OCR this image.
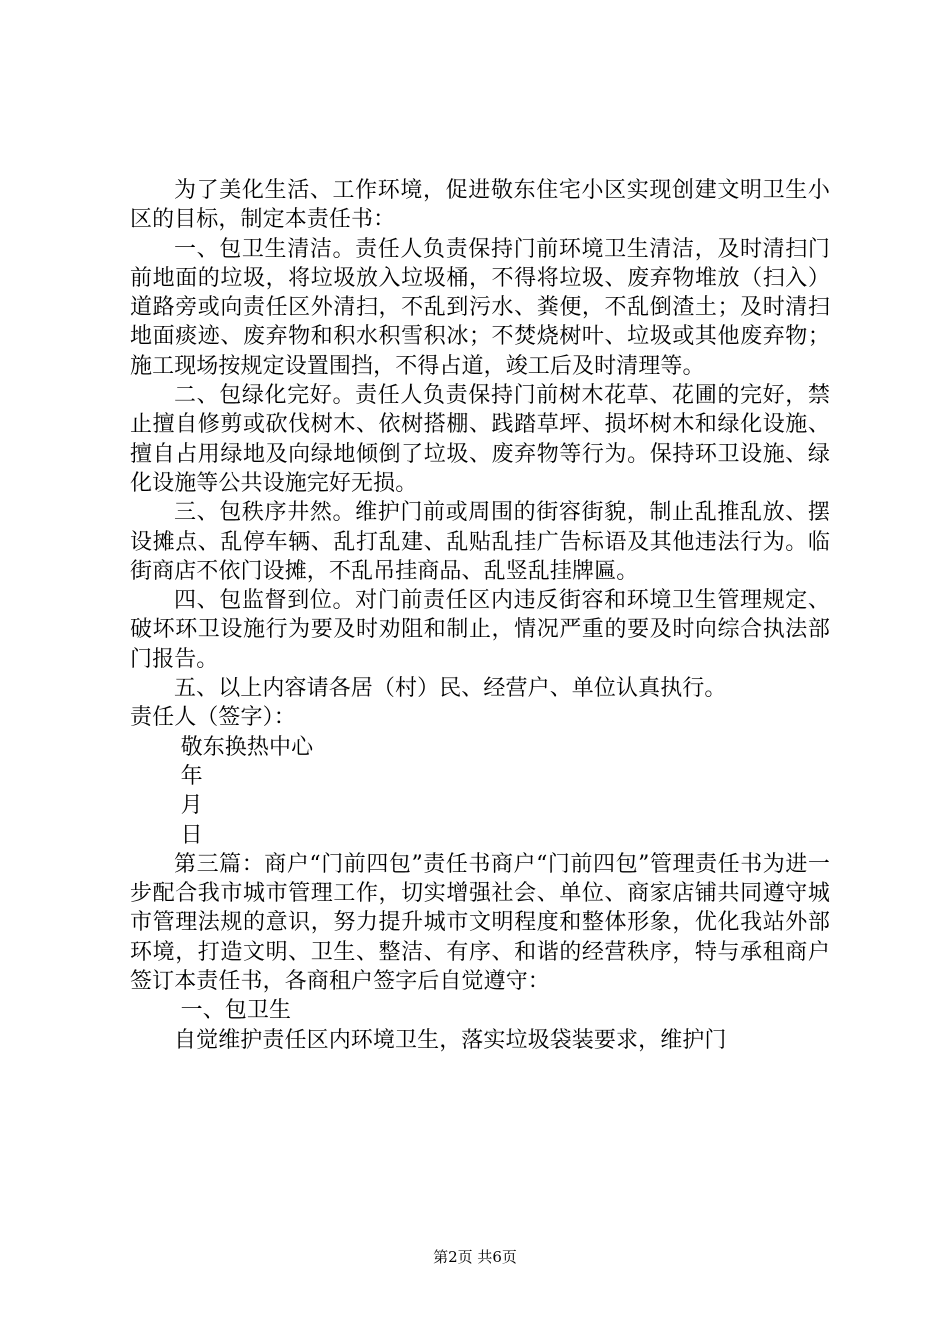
为了美化生活、工作环境，促进敬东住宅小区实现创建文明卫生小区的目标，制定本责任书：

一、包卫生清洁。责任人负责保持门前环境卫生清洁，及时清扫门前地面的垃圾，将垃圾放入垃圾桶，不得将垃圾、废弃物堆放（扫入）道路旁或向责任区外清扫，不乱到污水、粪便，不乱倒渣土；及时清扫地面痰迹、废弃物和积水积雪积冰；不焚烧树叶、垃圾或其他废弃物；施工现场按规定设置围挡，不得占道，竣工后及时清理等。

二、包绿化完好。责任人负责保持门前树木花草、花圃的完好，禁止擅自修剪或砍伐树木、依树搭棚、践踏草坪、损坏树木和绿化设施、擅自占用绿地及向绿地倾倒了垃圾、废弃物等行为。保持环卫设施、绿化设施等公共设施完好无损。

三、包秩序井然。维护门前或周围的街容街貌，制止乱推乱放、摆设摊点、乱停车辆、乱打乱建、乱贴乱挂广告标语及其他违法行为。临街商店不依门设摊，不乱吊挂商品、乱竖乱挂牌匾。

四、包监督到位。对门前责任区内违反街容和环境卫生管理规定、破坏环卫设施行为要及时劝阻和制止，情况严重的要及时向综合执法部门报告。

五、以上内容请各居（村）民、经营户、单位认真执行。

责任人（签字）：

敬东换热中心

年

月

日

第三篇：商户“门前四包”责任书商户“门前四包”管理责任书为进一步配合我市城市管理工作，切实增强社会、单位、商家店铺共同遵守城市管理法规的意识，努力提升城市文明程度和整体形象，优化我站外部环境，打造文明、卫生、整洁、有序、和谐的经营秩序，特与承租商户签订本责任书，各商租户签字后自觉遵守：

一、包卫生

自觉维护责任区内环境卫生，落实垃圾袋装要求，维护门

第2页 共6页
